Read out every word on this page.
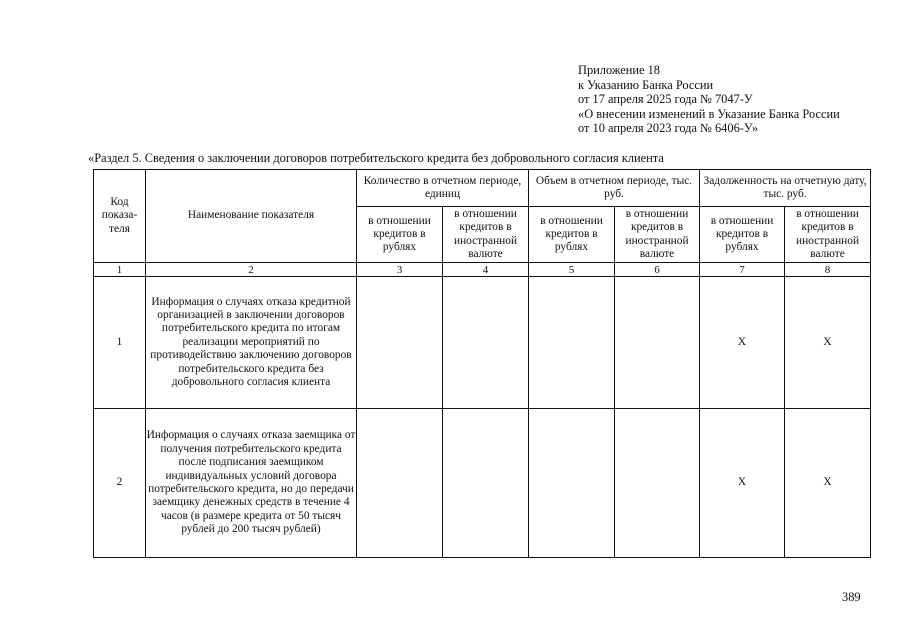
Приложение 18
к Указанию Банка России
от 17 апреля 2025 года № 7047-У
«О внесении изменений в Указание Банка России
от 10 апреля 2023 года № 6406-У»
«Раздел 5. Сведения о заключении договоров потребительского кредита без добровольного согласия клиента
Код показа-теля	Наименование показателя	Количество в отчетном периоде, единиц		Объем в отчетном периоде, тыс. руб.		Задолженность на отчетную дату, тыс. руб.	
		в отношении кредитов в рублях	в отношении кредитов в иностранной валюте	в отношении кредитов в рублях	в отношении кредитов в иностранной валюте	в отношении кредитов в рублях	в отношении кредитов в иностранной валюте
1	2	3	4	5	6	7	8
1	Информация о случаях отказа кредитной организацией в заключении договоров потребительского кредита по итогам реализации мероприятий по противодействию заключению договоров потребительского кредита без добровольного согласия клиента					X	X
2	Информация о случаях отказа заемщика от получения потребительского кредита после подписания заемщиком индивидуальных условий договора потребительского кредита, но до передачи заемщику денежных средств в течение 4 часов (в размере кредита от 50 тысяч рублей до 200 тысяч рублей)					X	X
389
